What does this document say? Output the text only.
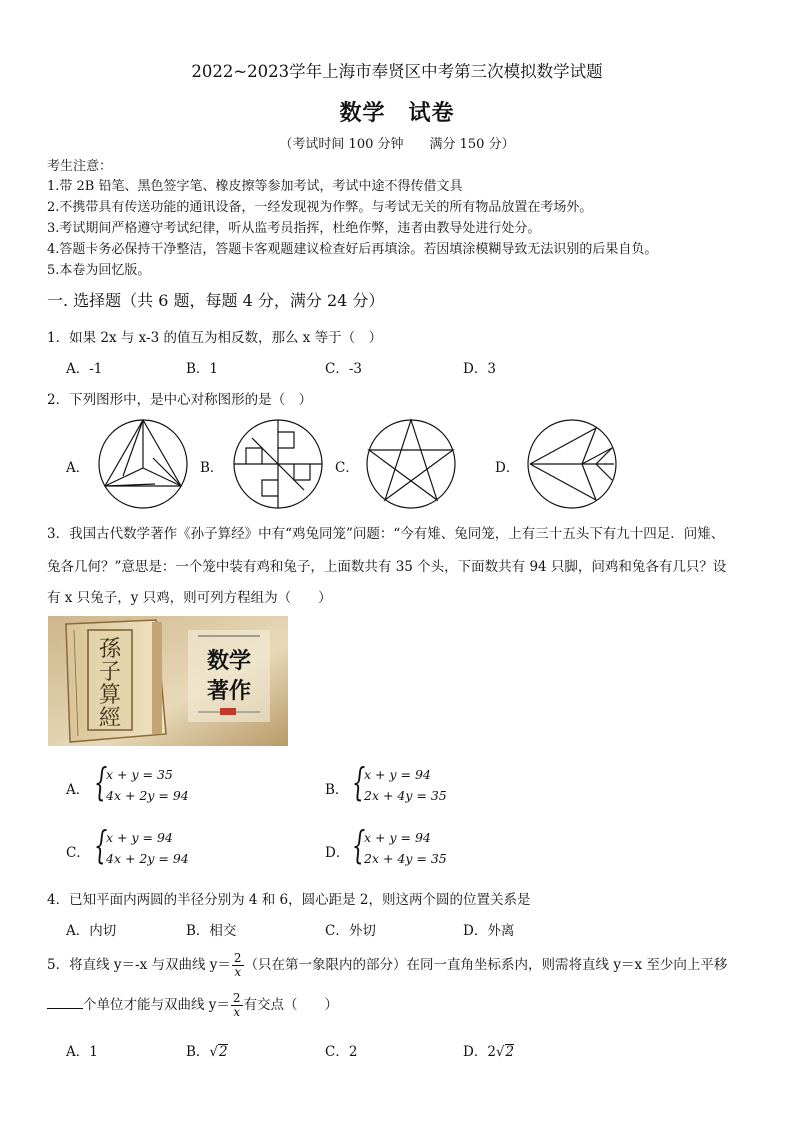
2022~2023学年上海市奉贤区中考第三次模拟数学试题
数学　试卷
（考试时间 100 分钟　　满分 150 分）
考生注意：
1.带 2B 铅笔、黑色签字笔、橡皮擦等参加考试，考试中途不得传借文具
2.不携带具有传送功能的通讯设备，一经发现视为作弊。与考试无关的所有物品放置在考场外。
3.考试期间严格遵守考试纪律，听从监考员指挥，杜绝作弊，违者由教导处进行处分。
4.答题卡务必保持干净整洁，答题卡客观题建议检查好后再填涂。若因填涂模糊导致无法识别的后果自负。
5.本卷为回忆版。
一. 选择题（共 6 题，每题 4 分，满分 24 分）
1．如果 2x 与 x-3 的值互为相反数，那么 x 等于（　）
A．-1	B．1	C．-3	D．3
2．下列图形中，是中心对称图形的是（　）
A．	B．	C．	D．
3．我国古代数学著作《孙子算经》中有“鸡兔同笼”问题：“今有雉、兔同笼，上有三十五头下有九十四足．问雉、
兔各几何？”意思是：一个笼中装有鸡和兔子，上面数共有 35 个头，下面数共有 94 只脚，问鸡和兔各有几只？设
有 x 只兔子，y 只鸡，则可列方程组为（　　）
孫
子
算
經
数学
著作
A． {
x + y = 35
4x + 2y = 94	B． {
x + y = 94
2x + 4y = 35
C． {
x + y = 94
4x + 2y = 94	D． {
x + y = 94
2x + 4y = 35
4．已知平面内两圆的半径分别为 4 和 6，圆心距是 2，则这两个圆的位置关系是
A．内切	B．相交	C．外切	D．外离
5．将直线 y＝-x 与双曲线 $y= \frac{2}{x}$ （只在第一象限内的部分）在同一直角坐标系内，则需将直线 y＝x 至少向上平移
个单位才能与双曲线 $y= \frac{2}{x}$ 有交点（　　）
A．1	B．√2	C．2	D．2√2
